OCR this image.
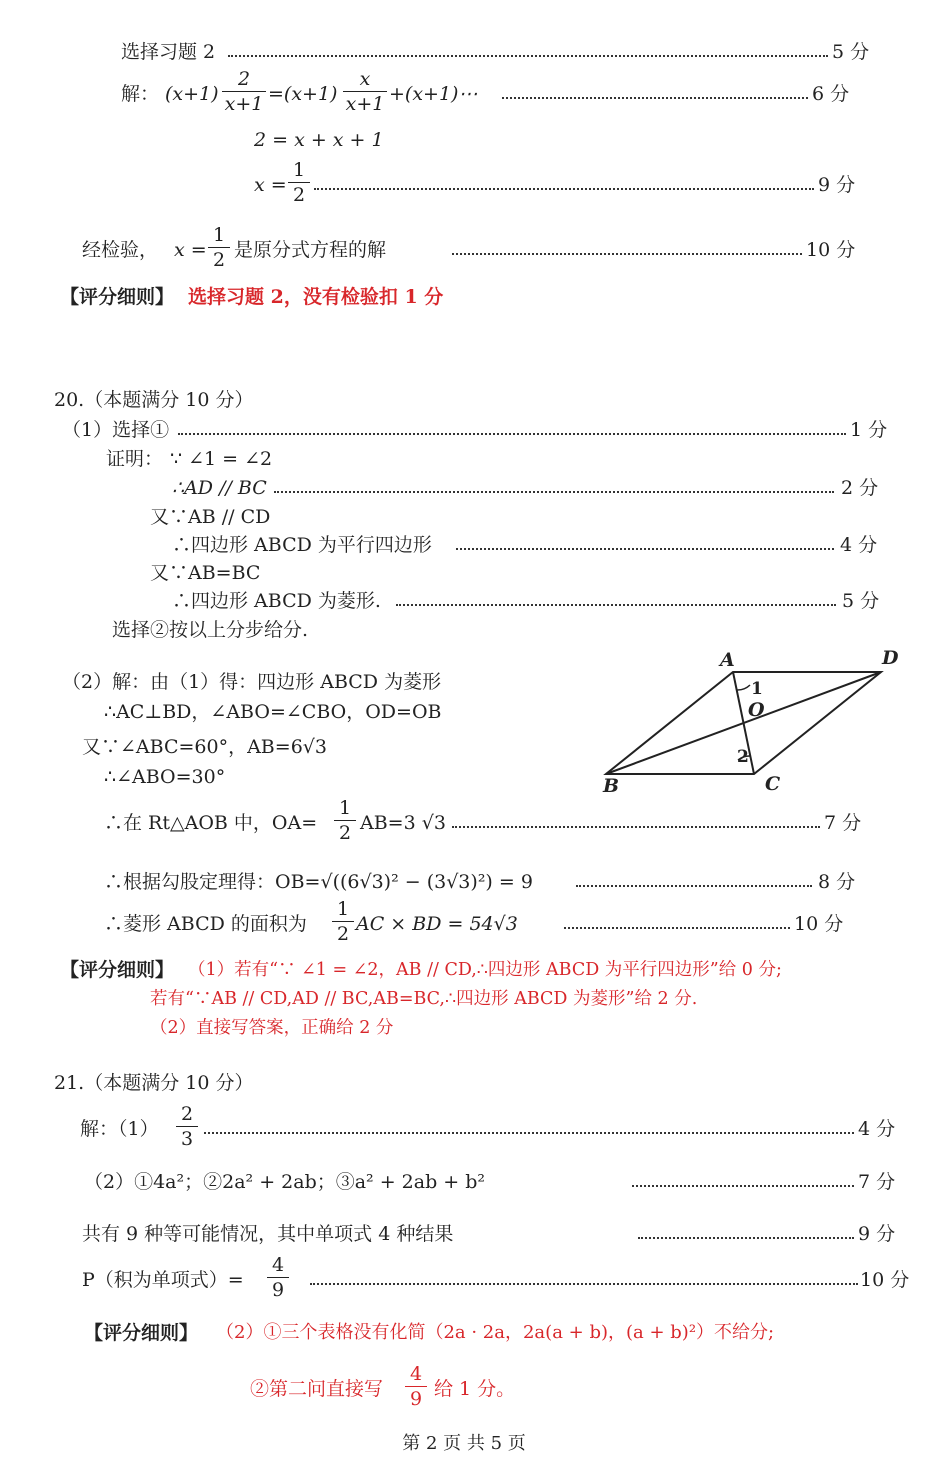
选择习题 2	5 分
解： (x+1)
2
x+1 =(x+1)
x
x+1 +(x+1)⋯	6 分
2 = x + x + 1
x =
1
2	9 分
经检验， x =
1
2 是原分式方程的解	10 分
【评分细则】 选择习题 2，没有检验扣 1 分
20.（本题满分 10 分）
（1）选择①	1 分
证明： ∵ ∠1 = ∠2
∴AD // BC	2 分
又∵AB // CD
∴四边形 ABCD 为平行四边形	4 分
又∵AB=BC
∴四边形 ABCD 为菱形.	5 分
选择②按以上分步给分.
（2）解：由（1）得：四边形 ABCD 为菱形
∴AC⊥BD，∠ABO=∠CBO，OD=OB
又∵∠ABC=60°，AB=6√3
∴∠ABO=30°
∴在 Rt△AOB 中，OA=
1
2 AB=3 √3	7 分
∴根据勾股定理得：OB=√((6√3)² − (3√3)²) = 9	8 分
∴菱形 ABCD 的面积为
1
2 AC × BD = 54√3	10 分
【评分细则】 （1）若有“∵ ∠1 = ∠2，AB // CD,∴四边形 ABCD 为平行四边形”给 0 分;
若有“∵AB // CD,AD // BC,AB=BC,∴四边形 ABCD 为菱形”给 2 分.
（2）直接写答案，正确给 2 分
A	D
B	C
O
1
2
21.（本题满分 10 分）
解：（1）
2
3	4 分
（2）①4a²；②2a² + 2ab；③a² + 2ab + b²	7 分
共有 9 种等可能情况，其中单项式 4 种结果	9 分
P（积为单项式）=
4
9	10 分
【评分细则】 （2）①三个表格没有化简（2a · 2a，2a(a + b)，(a + b)²）不给分;
②第二问直接写
4
9 给 1 分。
第 2 页 共 5 页
